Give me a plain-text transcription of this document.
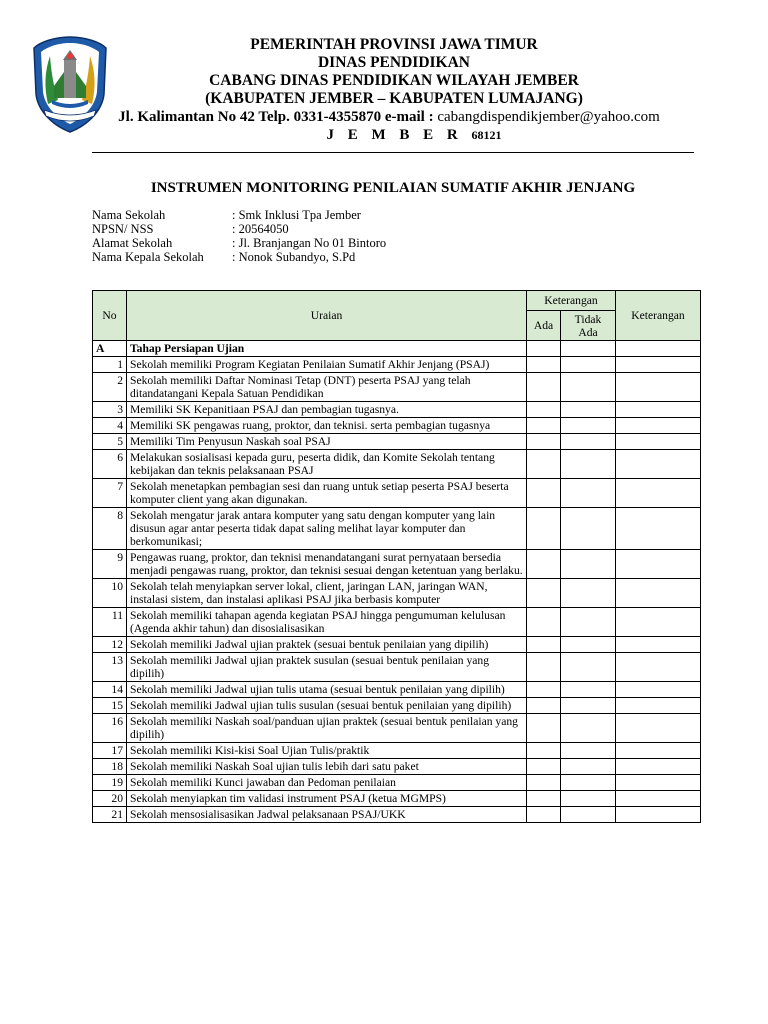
PEMERINTAH PROVINSI JAWA TIMUR
DINAS PENDIDIKAN
CABANG DINAS PENDIDIKAN WILAYAH JEMBER
(KABUPATEN JEMBER – KABUPATEN LUMAJANG)
Jl. Kalimantan No 42 Telp. 0331-4355870 e-mail : cabangdispendikjember@yahoo.com
J E M B E R 68121
INSTRUMEN MONITORING PENILAIAN SUMATIF AKHIR JENJANG
Nama Sekolah	: Smk Inklusi Tpa Jember
NPSN/ NSS	: 20564050
Alamat Sekolah	: Jl. Branjangan No 01 Bintoro
Nama Kepala Sekolah	: Nonok Subandyo, S.Pd
No	Uraian	Keterangan		Keterangan
		Ada	Tidak Ada	
A	Tahap Persiapan Ujian			
1	Sekolah memiliki Program Kegiatan Penilaian Sumatif Akhir Jenjang (PSAJ)			
2	Sekolah memiliki Daftar Nominasi Tetap (DNT) peserta PSAJ yang telah ditandatangani Kepala Satuan Pendidikan			
3	Memiliki SK Kepanitiaan PSAJ dan pembagian tugasnya.			
4	Memiliki SK pengawas ruang, proktor, dan teknisi. serta pembagian tugasnya			
5	Memiliki Tim Penyusun Naskah soal PSAJ			
6	Melakukan sosialisasi kepada guru, peserta didik, dan Komite Sekolah tentang kebijakan dan teknis pelaksanaan PSAJ			
7	Sekolah menetapkan pembagian sesi dan ruang untuk setiap peserta PSAJ beserta komputer client yang akan digunakan.			
8	Sekolah mengatur jarak antara komputer yang satu dengan komputer yang lain disusun agar antar peserta tidak dapat saling melihat layar komputer dan berkomunikasi;			
9	Pengawas ruang, proktor, dan teknisi menandatangani surat pernyataan bersedia menjadi pengawas ruang, proktor, dan teknisi sesuai dengan ketentuan yang berlaku.			
10	Sekolah telah menyiapkan server lokal, client, jaringan LAN, jaringan WAN, instalasi sistem, dan instalasi aplikasi PSAJ jika berbasis komputer			
11	Sekolah memiliki tahapan agenda kegiatan PSAJ hingga pengumuman kelulusan (Agenda akhir tahun) dan disosialisasikan			
12	Sekolah memiliki Jadwal ujian praktek (sesuai bentuk penilaian yang dipilih)			
13	Sekolah memiliki Jadwal ujian praktek susulan (sesuai bentuk penilaian yang dipilih)			
14	Sekolah memiliki Jadwal ujian tulis utama (sesuai bentuk penilaian yang dipilih)			
15	Sekolah memiliki Jadwal ujian tulis susulan (sesuai bentuk penilaian yang dipilih)			
16	Sekolah memiliki Naskah soal/panduan ujian praktek (sesuai bentuk penilaian yang dipilih)			
17	Sekolah memiliki Kisi-kisi Soal Ujian Tulis/praktik			
18	Sekolah memiliki Naskah Soal ujian tulis lebih dari satu paket			
19	Sekolah memiliki Kunci jawaban dan Pedoman penilaian			
20	Sekolah menyiapkan tim validasi instrument PSAJ (ketua MGMPS)			
21	Sekolah mensosialisasikan Jadwal pelaksanaan PSAJ/UKK			
